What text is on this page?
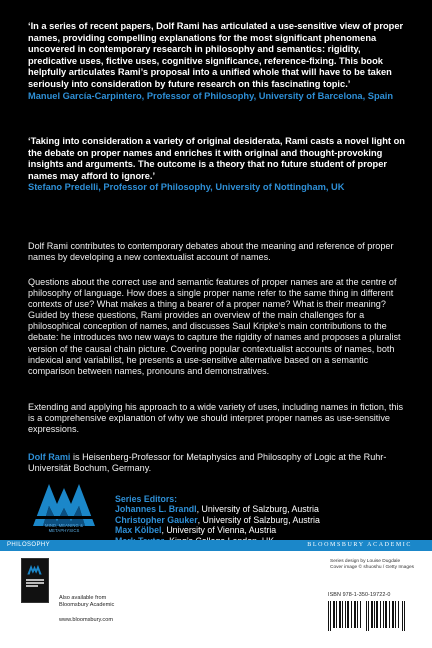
‘In a series of recent papers, Dolf Rami has articulated a use-sensitive view of proper names, providing compelling explanations for the most significant phenomena uncovered in contemporary research in philosophy and semantics: rigidity, predicative uses, fictive uses, cognitive significance, reference-fixing. This book helpfully articulates Rami’s proposal into a unified whole that will have to be taken seriously into consideration by future research on this fascinating topic.’

Manuel García-Carpintero, Professor of Philosophy, University of Barcelona, Spain

‘Taking into consideration a variety of original desiderata, Rami casts a novel light on the debate on proper names and enriches it with original and thought-provoking insights and arguments. The outcome is a theory that no future student of proper names may afford to ignore.’

Stefano Predelli, Professor of Philosophy, University of Nottingham, UK

Dolf Rami contributes to contemporary debates about the meaning and reference of proper names by developing a new contextualist account of names.

Questions about the correct use and semantic features of proper names are at the centre of philosophy of language. How does a single proper name refer to the same thing in different contexts of use? What makes a thing a bearer of a proper name? What is their meaning? Guided by these questions, Rami provides an overview of the main challenges for a philosophical conception of names, and discusses Saul Kripke’s main contributions to the debate: he introduces two new ways to capture the rigidity of names and proposes a pluralist version of the causal chain picture. Covering popular contextualist accounts of names, both indexical and variabilist, he presents a use-sensitive alternative based on a semantic comparison between names, pronouns and demonstratives.

Extending and applying his approach to a wide variety of uses, including names in fiction, this is a comprehensive explanation of why we should interpret proper names as use-sensitive expressions.

Dolf Rami is Heisenberg-Professor for Metaphysics and Philosophy of Logic at the Ruhr-Universität Bochum, Germany.

MIND, MEANING & METAPHYSICS
Series Editors:
Johannes L. Brandl, University of Salzburg, Austria
Christopher Gauker, University of Salzburg, Austria
Max Kölbel, University of Vienna, Austria
PHILOSOPHY	BLOOMSBURY ACADEMIC
Also available from
Bloomsbury Academic
www.bloomsbury.com
Series design by Louise Dugdale
Cover image © shuoshu / Getty Images
ISBN 978-1-350-19722-0
